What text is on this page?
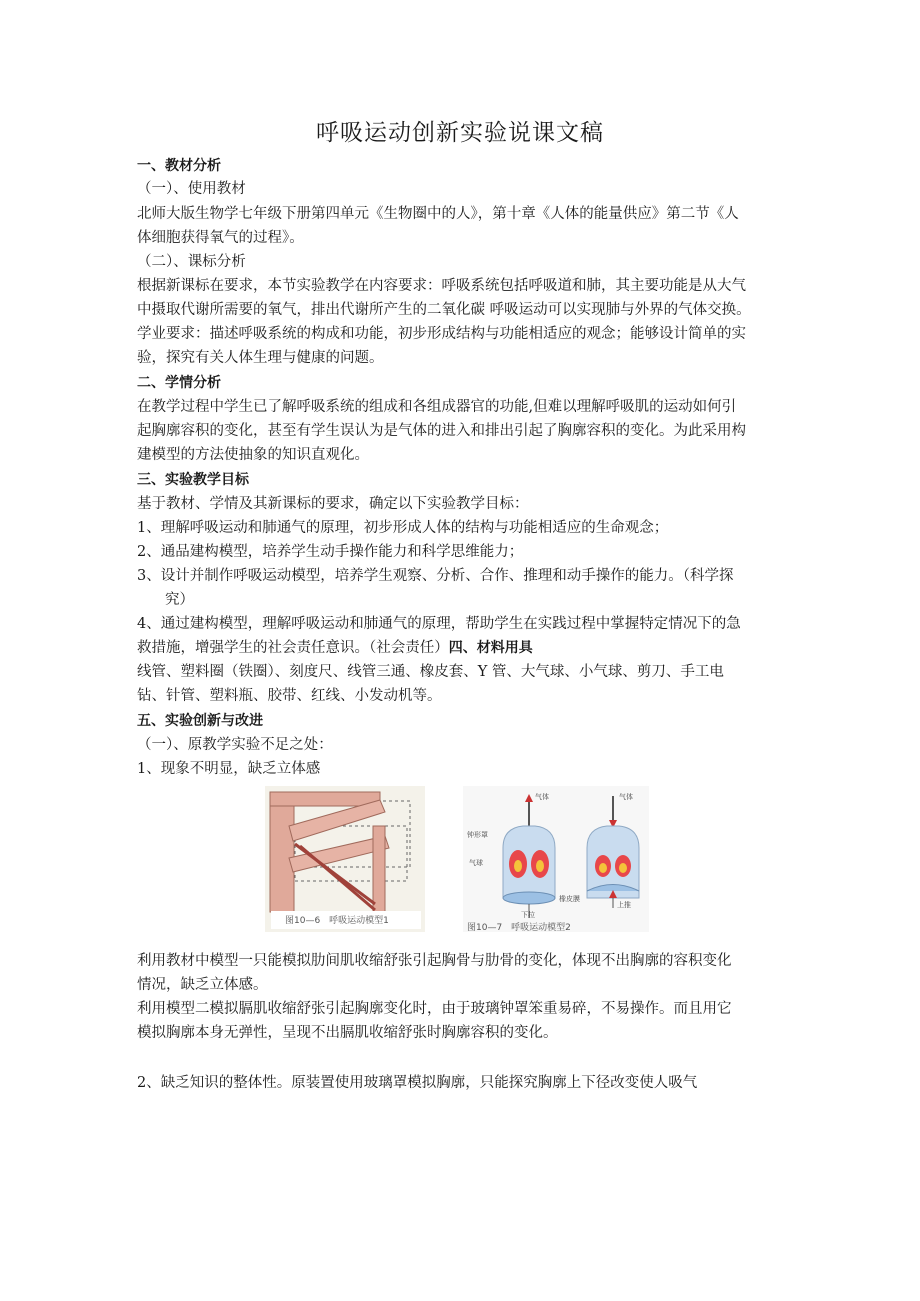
呼吸运动创新实验说课文稿
一、教材分析
（一）、使用教材
北师大版生物学七年级下册第四单元《生物圈中的人》，第十章《人体的能量供应》第二节《人
体细胞获得氧气的过程》。
（二）、课标分析
根据新课标在要求，本节实验教学在内容要求：呼吸系统包括呼吸道和肺，其主要功能是从大气
中摄取代谢所需要的氧气，排出代谢所产生的二氧化碳 呼吸运动可以实现肺与外界的气体交换。
学业要求：描述呼吸系统的构成和功能，初步形成结构与功能相适应的观念；能够设计简单的实
验，探究有关人体生理与健康的问题。
二、学情分析
在教学过程中学生已了解呼吸系统的组成和各组成器官的功能,但难以理解呼吸肌的运动如何引
起胸廓容积的变化，甚至有学生误认为是气体的进入和排出引起了胸廓容积的变化。为此采用构
建模型的方法使抽象的知识直观化。
三、实验教学目标
基于教材、学情及其新课标的要求，确定以下实验教学目标：
1、理解呼吸运动和肺通气的原理，初步形成人体的结构与功能相适应的生命观念；
2、通品建构模型，培养学生动手操作能力和科学思维能力；
3、设计并制作呼吸运动模型，培养学生观察、分析、合作、推理和动手操作的能力。（科学探
究）
4、通过建构模型，理解呼吸运动和肺通气的原理，帮助学生在实践过程中掌握特定情况下的急
救措施，增强学生的社会责任意识。（社会责任）四、材料用具
线管、塑料圈（铁圈）、刻度尺、线管三通、橡皮套、Y 管、大气球、小气球、剪刀、手工电
钻、针管、塑料瓶、胶带、红线、小发动机等。
五、实验创新与改进
（一）、原教学实验不足之处：
1、现象不明显，缺乏立体感
图10—6　呼吸运动模型1
气体	气体
钟形罩
气球
橡皮膜
下拉
上推
图10—7　呼吸运动模型2
利用教材中模型一只能模拟肋间肌收缩舒张引起胸骨与肋骨的变化，体现不出胸廓的容积变化
情况，缺乏立体感。
利用模型二模拟膈肌收缩舒张引起胸廓变化时，由于玻璃钟罩笨重易碎，不易操作。而且用它
模拟胸廓本身无弹性，呈现不出膈肌收缩舒张时胸廓容积的变化。
2、缺乏知识的整体性。原装置使用玻璃罩模拟胸廓，只能探究胸廓上下径改变使人吸气
